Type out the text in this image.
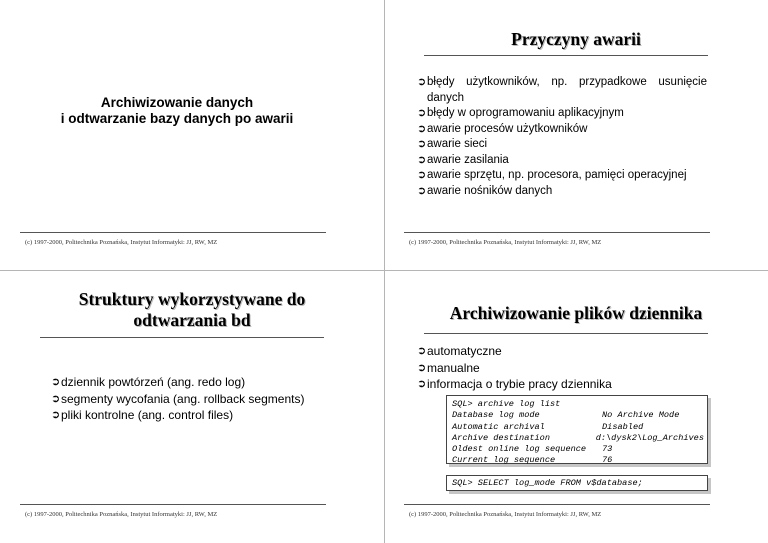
Archiwizowanie danych
i odtwarzanie bazy danych po awarii
(c) 1997-2000, Politechnika Poznańska, Instytut Informatyki: JJ, RW, MZ
Przyczyny awarii
➲ błędy użytkowników, np. przypadkowe usunięcie danych
➲ błędy w oprogramowaniu aplikacyjnym
➲ awarie procesów użytkowników
➲ awarie sieci
➲ awarie zasilania
➲ awarie sprzętu, np. procesora, pamięci operacyjnej
➲ awarie nośników danych
(c) 1997-2000, Politechnika Poznańska, Instytut Informatyki: JJ, RW, MZ
Struktury wykorzystywane do
odtwarzania bd
➲ dziennik powtórzeń (ang. redo log)
➲ segmenty wycofania (ang. rollback segments)
➲ pliki kontrolne (ang. control files)
(c) 1997-2000, Politechnika Poznańska, Instytut Informatyki: JJ, RW, MZ
Archiwizowanie plików dziennika
➲ automatyczne
➲ manualne
➲ informacja o trybie pracy dziennika
SQL> archive log list
Database log mode	No Archive Mode
Automatic archival	Disabled
Archive destination	d:\dysk2\Log_Archives
Oldest online log sequence	73
Current log sequence	76
SQL> SELECT log_mode FROM v$database;
(c) 1997-2000, Politechnika Poznańska, Instytut Informatyki: JJ, RW, MZ
